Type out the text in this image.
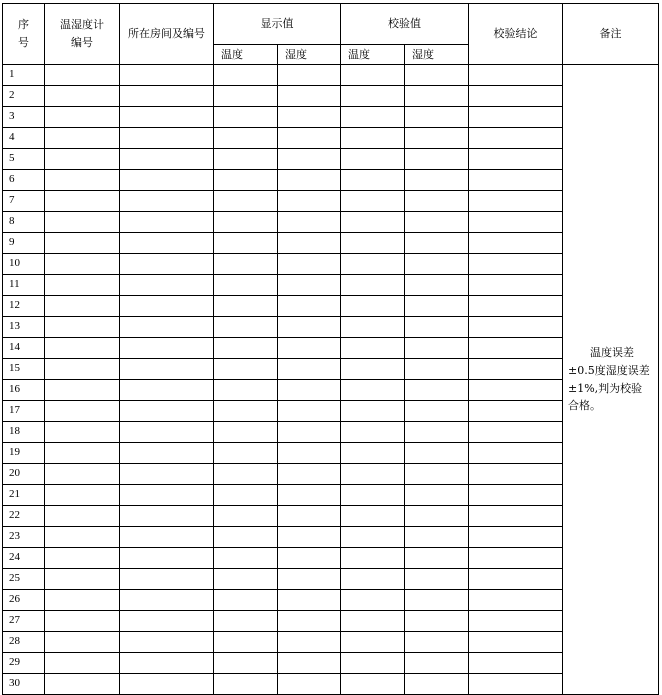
序号	温湿度计编号	所在房间及编号	显示值		校验值		校验结论	备注
			温度	湿度	温度	湿度		
1								温度误差±0.5度湿度误差±1%,判为校验合格。
2								
3								
4								
5								
6								
7								
8								
9								
10								
11								
12								
13								
14								
15								
16								
17								
18								
19								
20								
21								
22								
23								
24								
25								
26								
27								
28								
29								
30								
